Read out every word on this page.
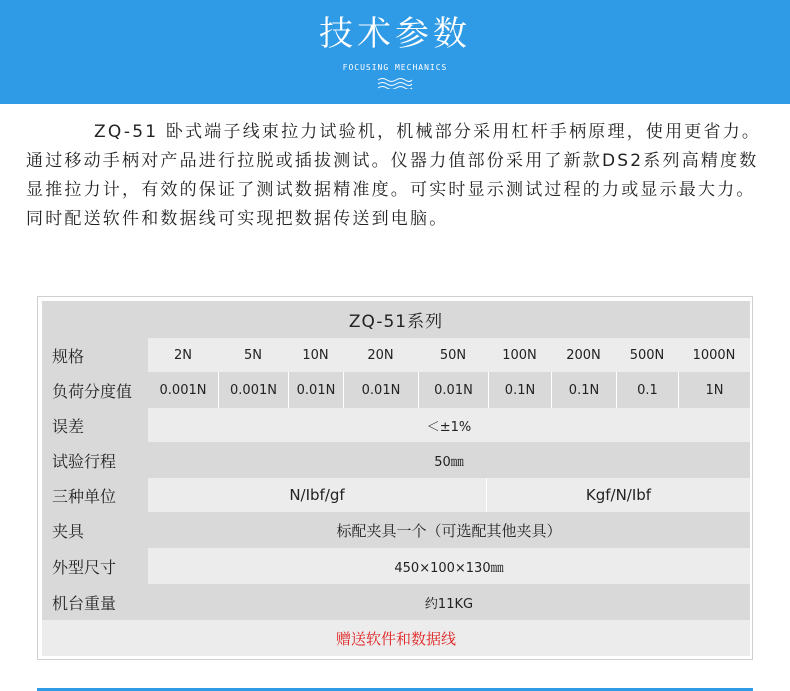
技术参数
FOCUSING MECHANICS
ZQ-51 卧式端子线束拉力试验机，机械部分采用杠杆手柄原理，使用更省力。通过移动手柄对产品进行拉脱或插拔测试。仪器力值部份采用了新款DS2系列高精度数显推拉力计，有效的保证了测试数据精准度。可实时显示测试过程的力或显示最大力。同时配送软件和数据线可实现把数据传送到电脑。
ZQ-51系列
规格	2N	5N	10N	20N	50N	100N	200N	500N	1000N
负荷分度值	0.001N	0.001N	0.01N	0.01N	0.01N	0.1N	0.1N	0.1	1N
误差	＜±1%
试验行程	50㎜
三种单位	N/Ibf/gf	Kgf/N/Ibf
夹具	标配夹具一个（可选配其他夹具）
外型尺寸	450×100×130㎜
机台重量	约11KG
赠送软件和数据线
